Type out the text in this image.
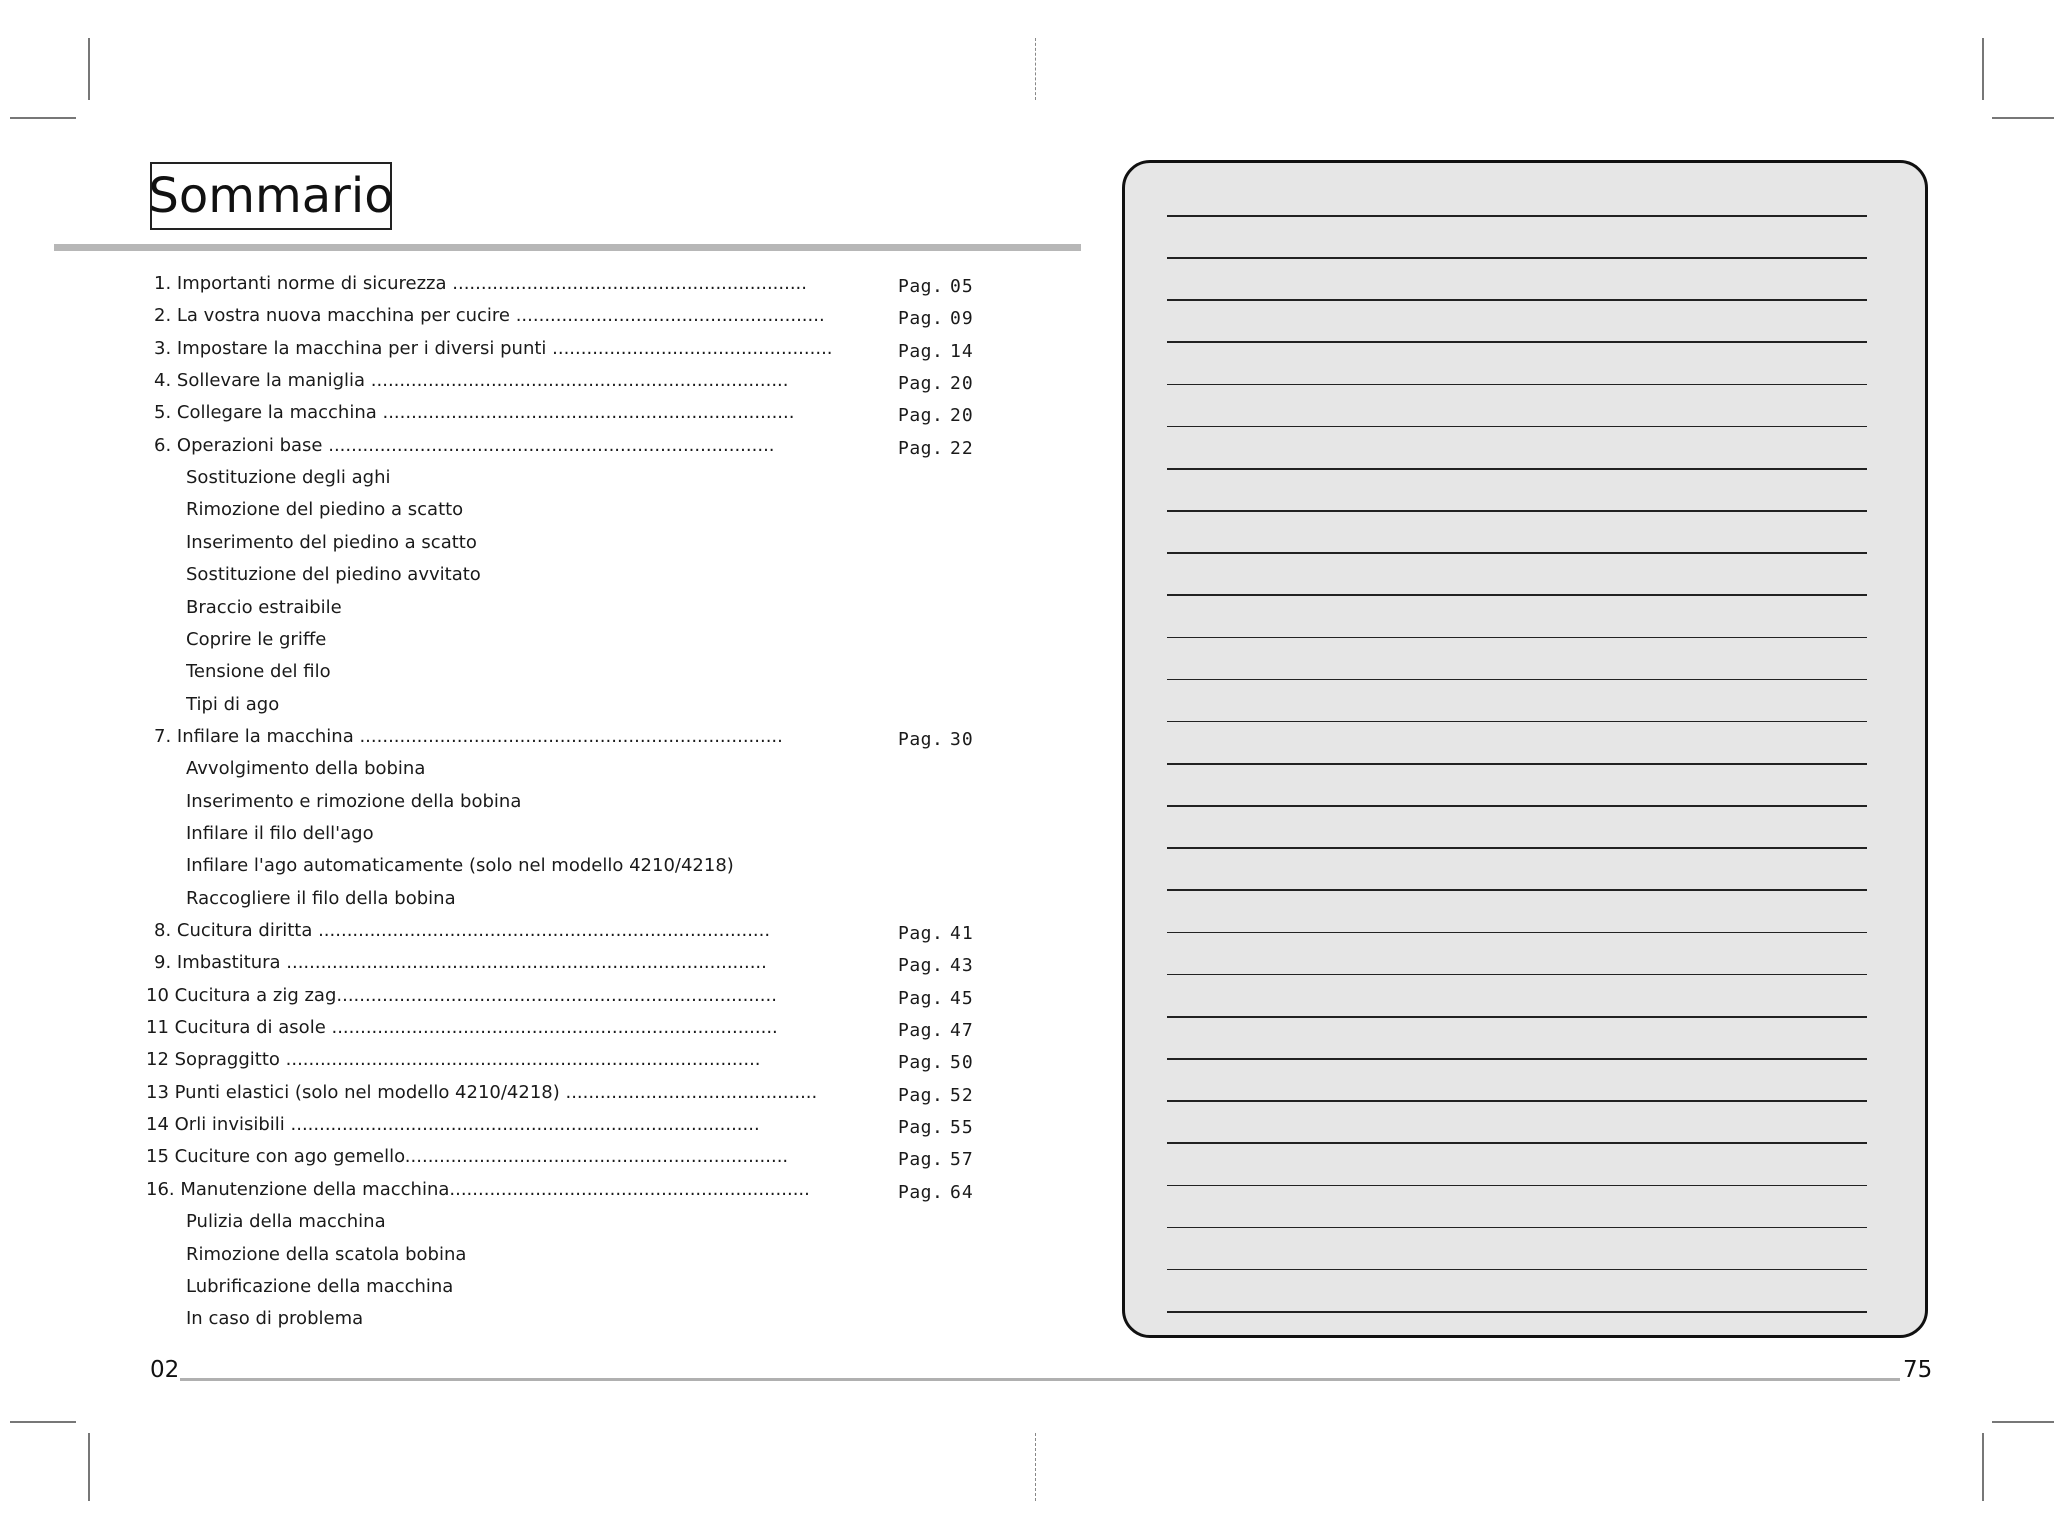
Sommario
1. Importanti norme di sicurezza ..............................................................	Pag. 05
2. La vostra nuova macchina per cucire ......................................................	Pag. 09
3. Impostare la macchina per i diversi punti .................................................	Pag. 14
4. Sollevare la maniglia .........................................................................	Pag. 20
5. Collegare la macchina ........................................................................	Pag. 20
6. Operazioni base ..............................................................................	Pag. 22
Sostituzione degli aghi
Rimozione del piedino a scatto
Inserimento del piedino a scatto
Sostituzione del piedino avvitato
Braccio estraibile
Coprire le griffe
Tensione del filo
Tipi di ago
7. Infilare la macchina ..........................................................................	Pag. 30
Avvolgimento della bobina
Inserimento e rimozione della bobina
Infilare il filo dell'ago
Infilare l'ago automaticamente (solo nel modello 4210/4218)
Raccogliere il filo della bobina
8. Cucitura diritta ...............................................................................	Pag. 41
9. Imbastitura ....................................................................................	Pag. 43
10 Cucitura a zig zag.............................................................................	Pag. 45
11 Cucitura di asole ..............................................................................	Pag. 47
12 Sopraggitto ...................................................................................	Pag. 50
13 Punti elastici (solo nel modello 4210/4218) ............................................	Pag. 52
14 Orli invisibili ..................................................................................	Pag. 55
15 Cuciture con ago gemello...................................................................	Pag. 57
16. Manutenzione della macchina...............................................................	Pag. 64
Pulizia della macchina
Rimozione della scatola bobina
Lubrificazione della macchina
In caso di problema
02	75
